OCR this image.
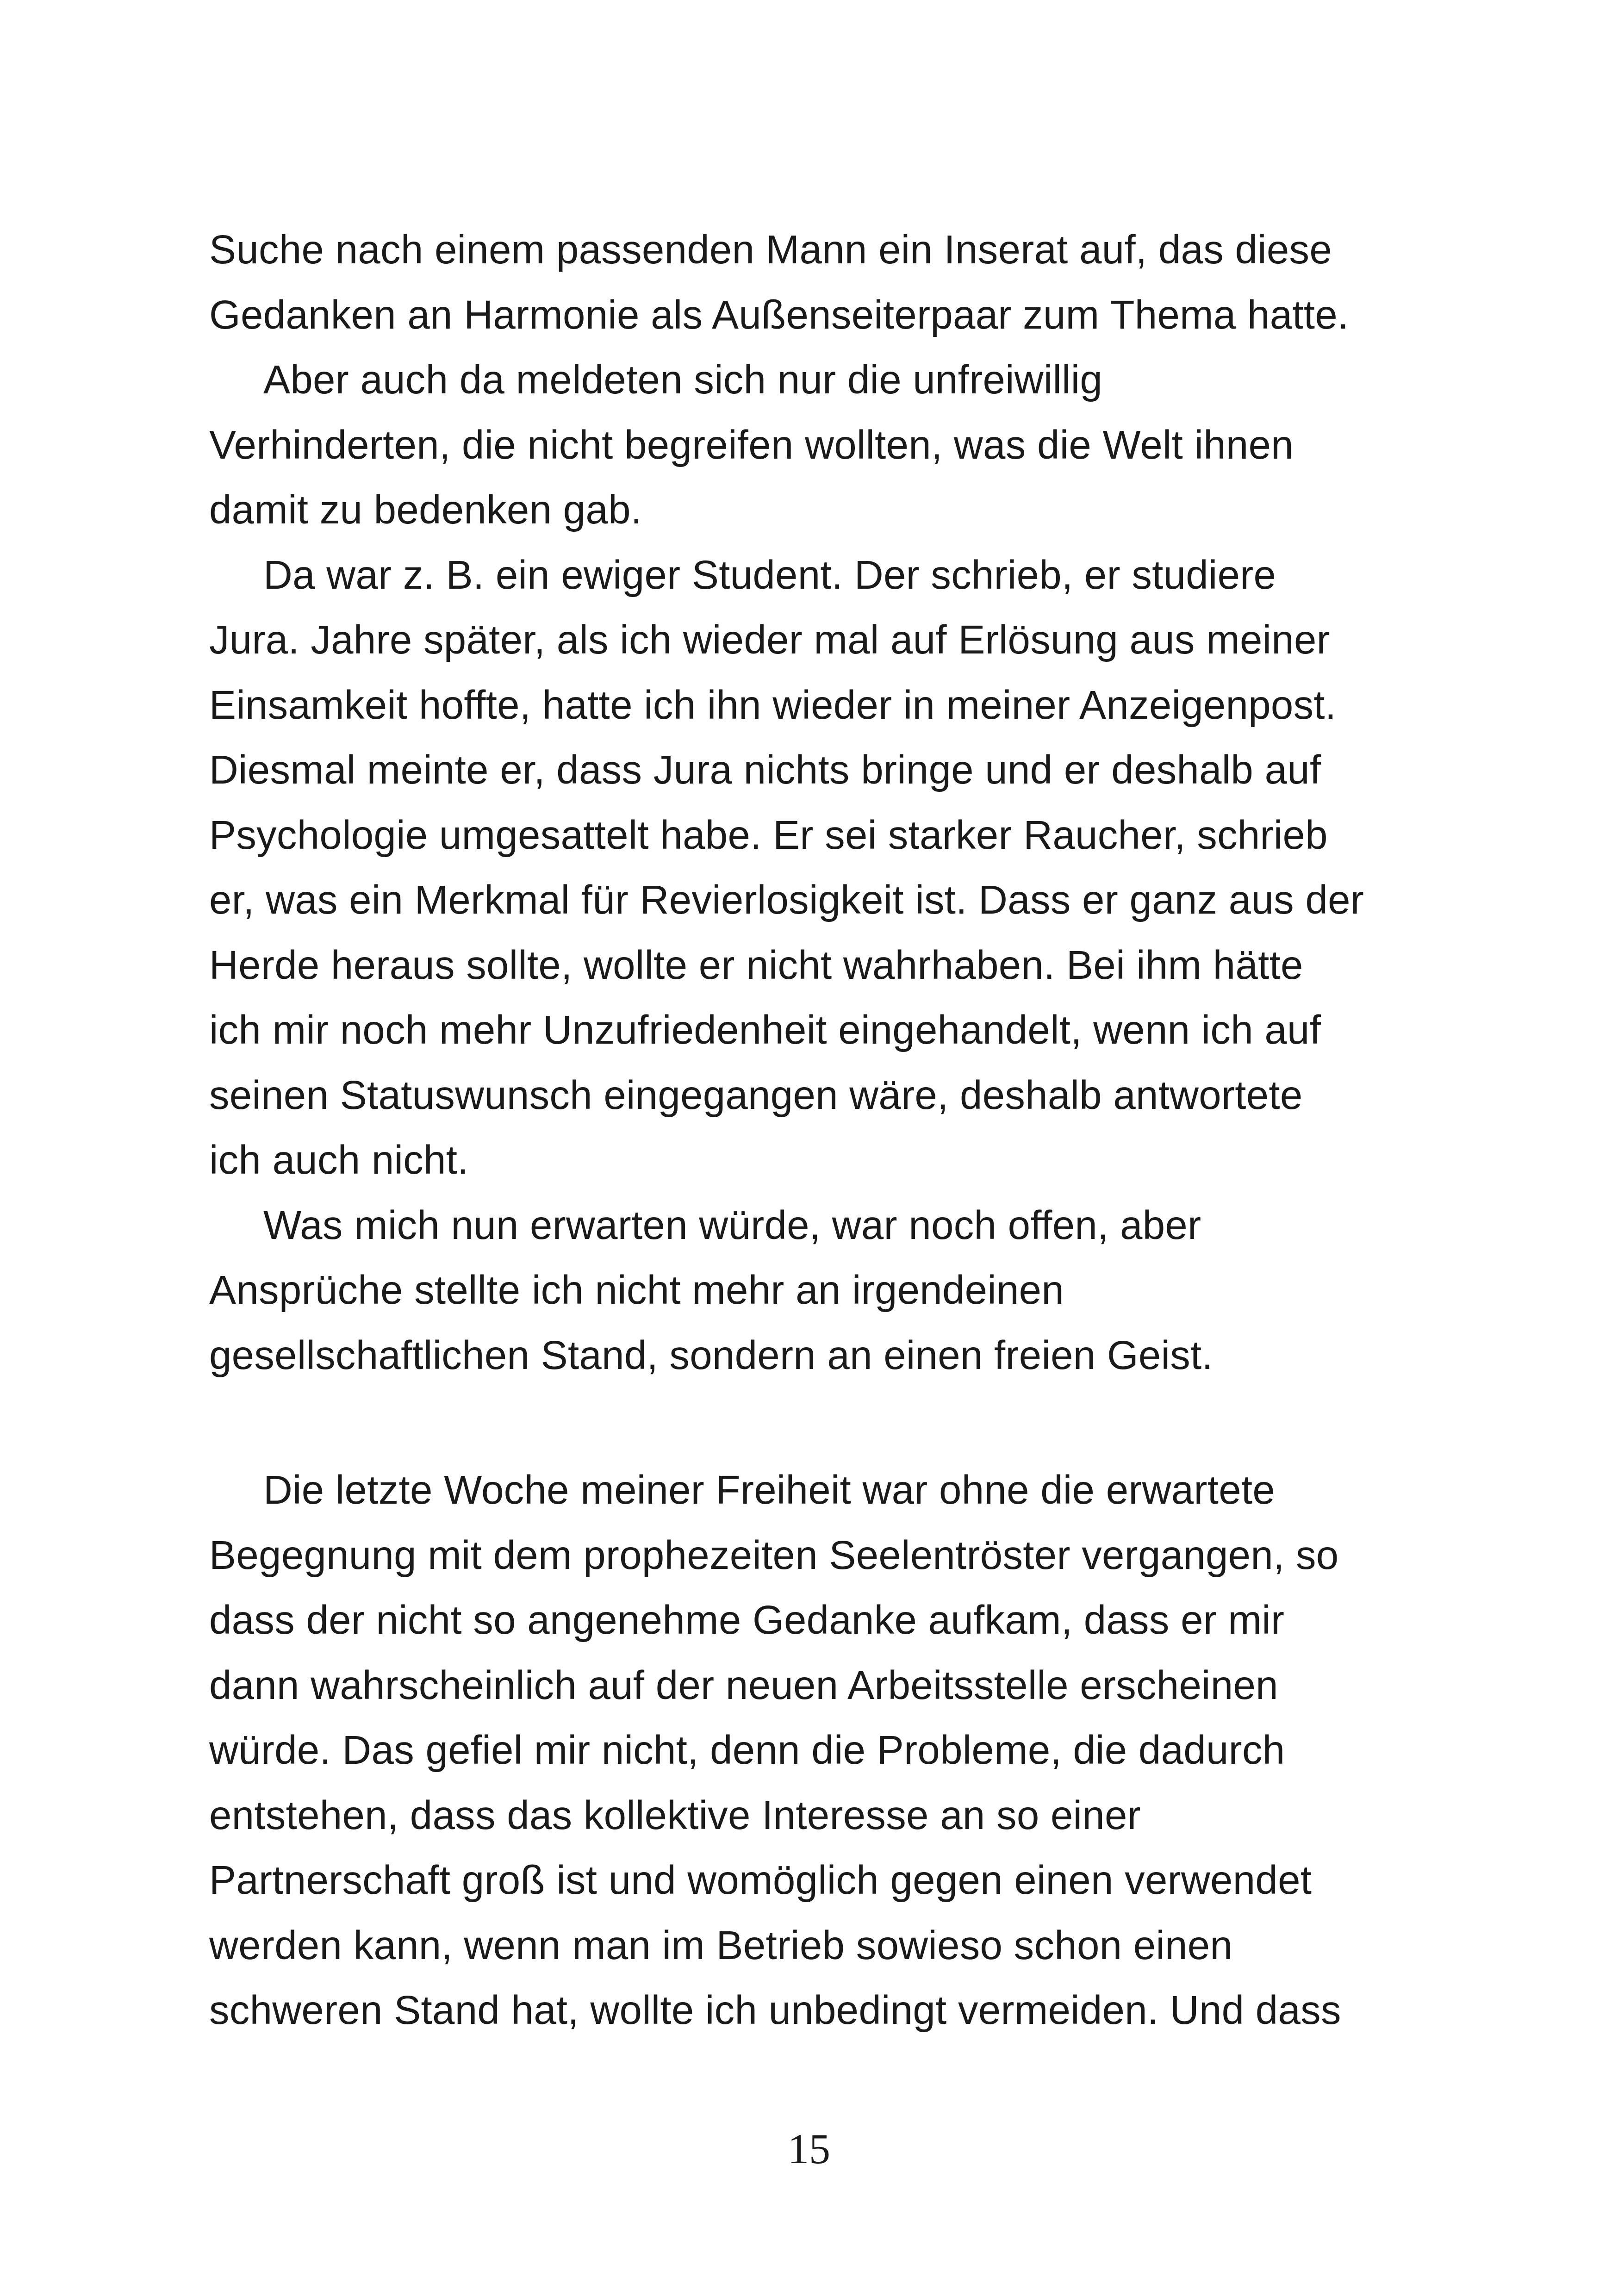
Suche nach einem passenden Mann ein Inserat auf, das diese
Gedanken an Harmonie als Außenseiterpaar zum Thema hatte.
Aber auch da meldeten sich nur die unfreiwillig
Verhinderten, die nicht begreifen wollten, was die Welt ihnen
damit zu bedenken gab.
Da war z. B. ein ewiger Student. Der schrieb, er studiere
Jura. Jahre später, als ich wieder mal auf Erlösung aus meiner
Einsamkeit hoffte, hatte ich ihn wieder in meiner Anzeigenpost.
Diesmal meinte er, dass Jura nichts bringe und er deshalb auf
Psychologie umgesattelt habe. Er sei starker Raucher, schrieb
er, was ein Merkmal für Revierlosigkeit ist. Dass er ganz aus der
Herde heraus sollte, wollte er nicht wahrhaben. Bei ihm hätte
ich mir noch mehr Unzufriedenheit eingehandelt, wenn ich auf
seinen Statuswunsch eingegangen wäre, deshalb antwortete
ich auch nicht.
Was mich nun erwarten würde, war noch offen, aber
Ansprüche stellte ich nicht mehr an irgendeinen
gesellschaftlichen Stand, sondern an einen freien Geist.
Die letzte Woche meiner Freiheit war ohne die erwartete
Begegnung mit dem prophezeiten Seelentröster vergangen, so
dass der nicht so angenehme Gedanke aufkam, dass er mir
dann wahrscheinlich auf der neuen Arbeitsstelle erscheinen
würde. Das gefiel mir nicht, denn die Probleme, die dadurch
entstehen, dass das kollektive Interesse an so einer
Partnerschaft groß ist und womöglich gegen einen verwendet
werden kann, wenn man im Betrieb sowieso schon einen
schweren Stand hat, wollte ich unbedingt vermeiden. Und dass
15
